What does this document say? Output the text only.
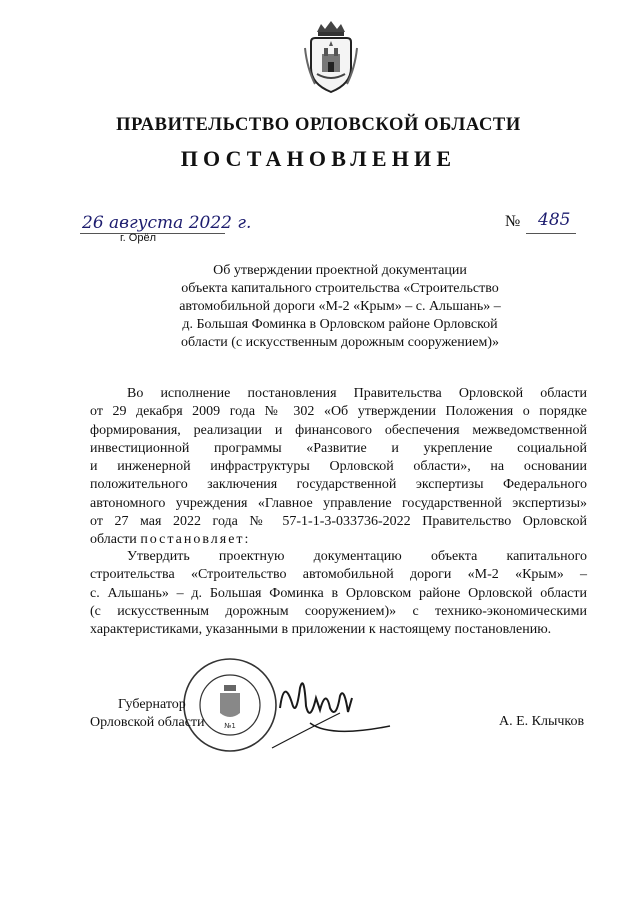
ПРАВИТЕЛЬСТВО ОРЛОВСКОЙ ОБЛАСТИ
ПОСТАНОВЛЕНИЕ
26 августа 2022 г.
г. Орёл
№ 485
Об утверждении проектной документации
объекта капитального строительства «Строительство
автомобильной дороги «М-2 «Крым» – с. Альшань» –
д. Большая Фоминка в Орловском районе Орловской
области (с искусственным дорожным сооружением)»
Во исполнение постановления Правительства Орловской области
от 29 декабря 2009 года № 302 «Об утверждении Положения о порядке
формирования, реализации и финансового обеспечения межведомственной
инвестиционной программы «Развитие и укрепление социальной
и инженерной инфраструктуры Орловской области», на основании
положительного заключения государственной экспертизы Федерального
автономного учреждения «Главное управление государственной экспертизы»
от 27 мая 2022 года № 57-1-1-3-033736-2022 Правительство Орловской
области постановляет:
Утвердить проектную документацию объекта капитального
строительства «Строительство автомобильной дороги «М-2 «Крым» –
с. Альшань» – д. Большая Фоминка в Орловском районе Орловской области
(с искусственным дорожным сооружением)» с технико-экономическими
характеристиками, указанными в приложении к настоящему постановлению.
№1
Губернатор
Орловской области	А. Е. Клычков
